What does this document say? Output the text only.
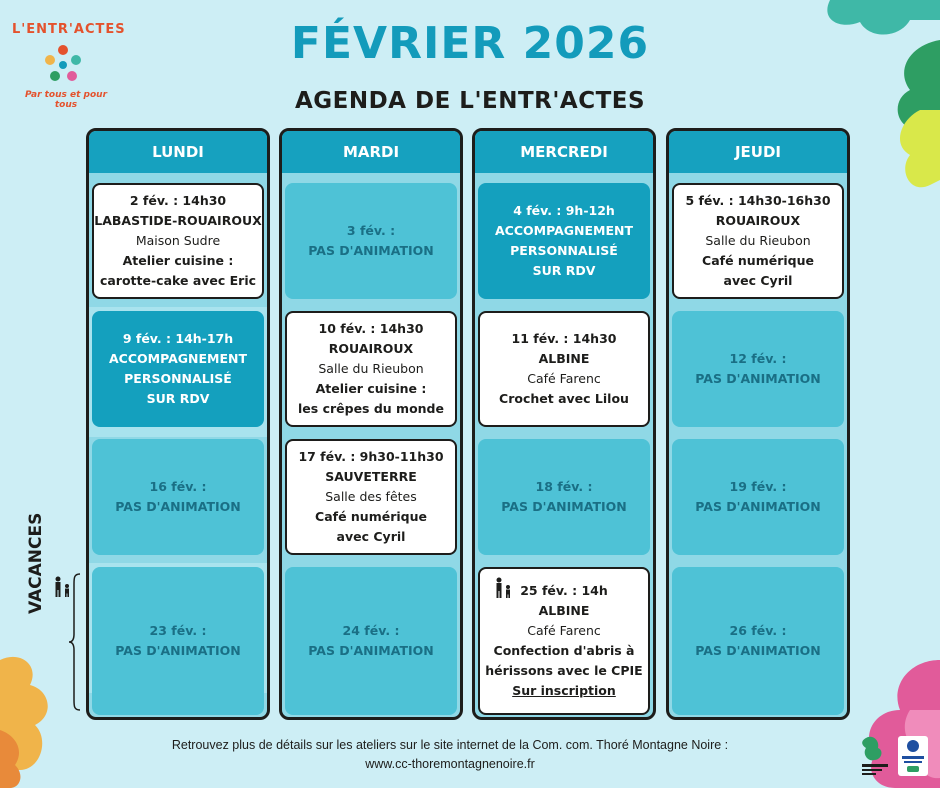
L'ENTR'ACTES
Par tous et pour tous
FÉVRIER 2026
AGENDA DE L'ENTR'ACTES
LUNDI
2 fév. : 14h30
LABASTIDE-ROUAIROUX
Maison Sudre
Atelier cuisine :
carotte-cake avec Eric
9 fév. : 14h-17h
ACCOMPAGNEMENT
PERSONNALISÉ
SUR RDV
16 fév. :
PAS D'ANIMATION
23 fév. :
PAS D'ANIMATION
MARDI
3 fév. :
PAS D'ANIMATION
10 fév. : 14h30
ROUAIROUX
Salle du Rieubon
Atelier cuisine :
les crêpes du monde
17 fév. : 9h30-11h30
SAUVETERRE
Salle des fêtes
Café numérique
avec Cyril
24 fév. :
PAS D'ANIMATION
MERCREDI
4 fév. : 9h-12h
ACCOMPAGNEMENT
PERSONNALISÉ
SUR RDV
11 fév. : 14h30
ALBINE
Café Farenc
Crochet avec Lilou
18 fév. :
PAS D'ANIMATION
25 fév. : 14h
ALBINE
Café Farenc
Confection d'abris à
hérissons avec le CPIE
Sur inscription
JEUDI
5 fév. : 14h30-16h30
ROUAIROUX
Salle du Rieubon
Café numérique
avec Cyril
12 fév. :
PAS D'ANIMATION
19 fév. :
PAS D'ANIMATION
26 fév. :
PAS D'ANIMATION
VACANCES
Retrouvez plus de détails sur les ateliers sur le site internet de la Com. com. Thoré Montagne Noire :
www.cc-thoremontagnenoire.fr
